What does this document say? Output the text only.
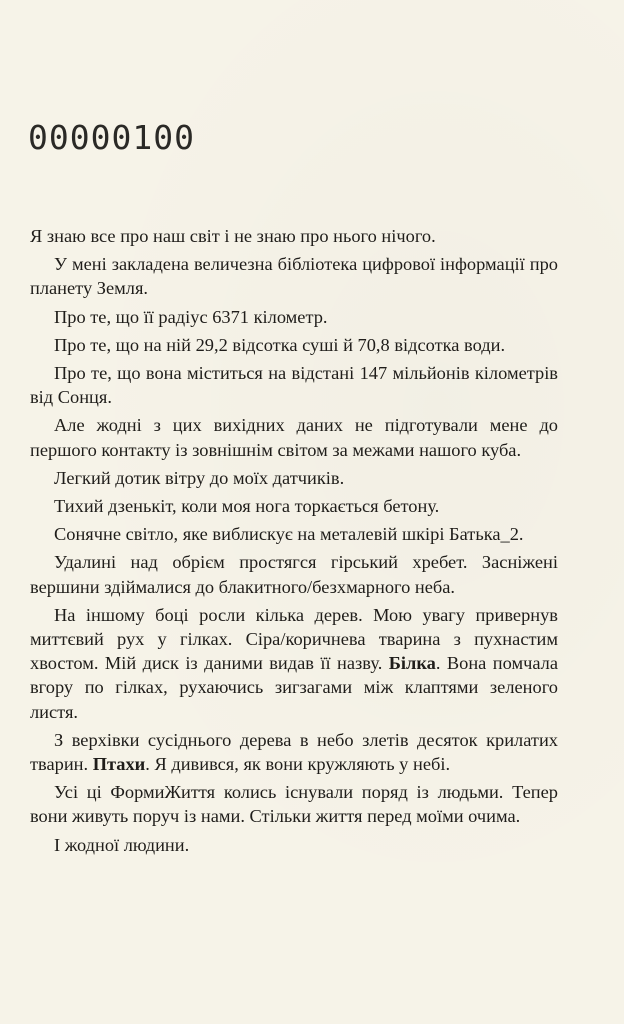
00000100

Я знаю все про наш світ і не знаю про нього нічого.

У мені закладена величезна бібліотека цифрової інформації про планету Земля.

Про те, що її радіус 6371 кілометр.

Про те, що на ній 29,2 відсотка суші й 70,8 відсотка води.

Про те, що вона міститься на відстані 147 мільйонів кілометрів від Сонця.

Але жодні з цих вихідних даних не підготували мене до першого контакту із зовнішнім світом за межами нашого куба.

Легкий дотик вітру до моїх датчиків.

Тихий дзенькіт, коли моя нога торкається бетону.

Сонячне світло, яке виблискує на металевій шкірі Батька_2.

Удалині над обрієм простягся гірський хребет. Засніжені вершини здіймалися до блакитного/безхмарного неба.

На іншому боці росли кілька дерев. Мою увагу привернув миттєвий рух у гілках. Сіра/коричнева тварина з пухнастим хвостом. Мій диск із даними видав її назву. Білка. Вона помчала вгору по гілках, рухаючись зигзагами між клаптями зеленого листя.

З верхівки сусіднього дерева в небо злетів десяток крилатих тварин. Птахи. Я дивився, як вони кружляють у небі.

Усі ці ФормиЖиття колись існували поряд із людьми. Тепер вони живуть поруч із нами. Стільки життя перед моїми очима.

І жодної людини.
